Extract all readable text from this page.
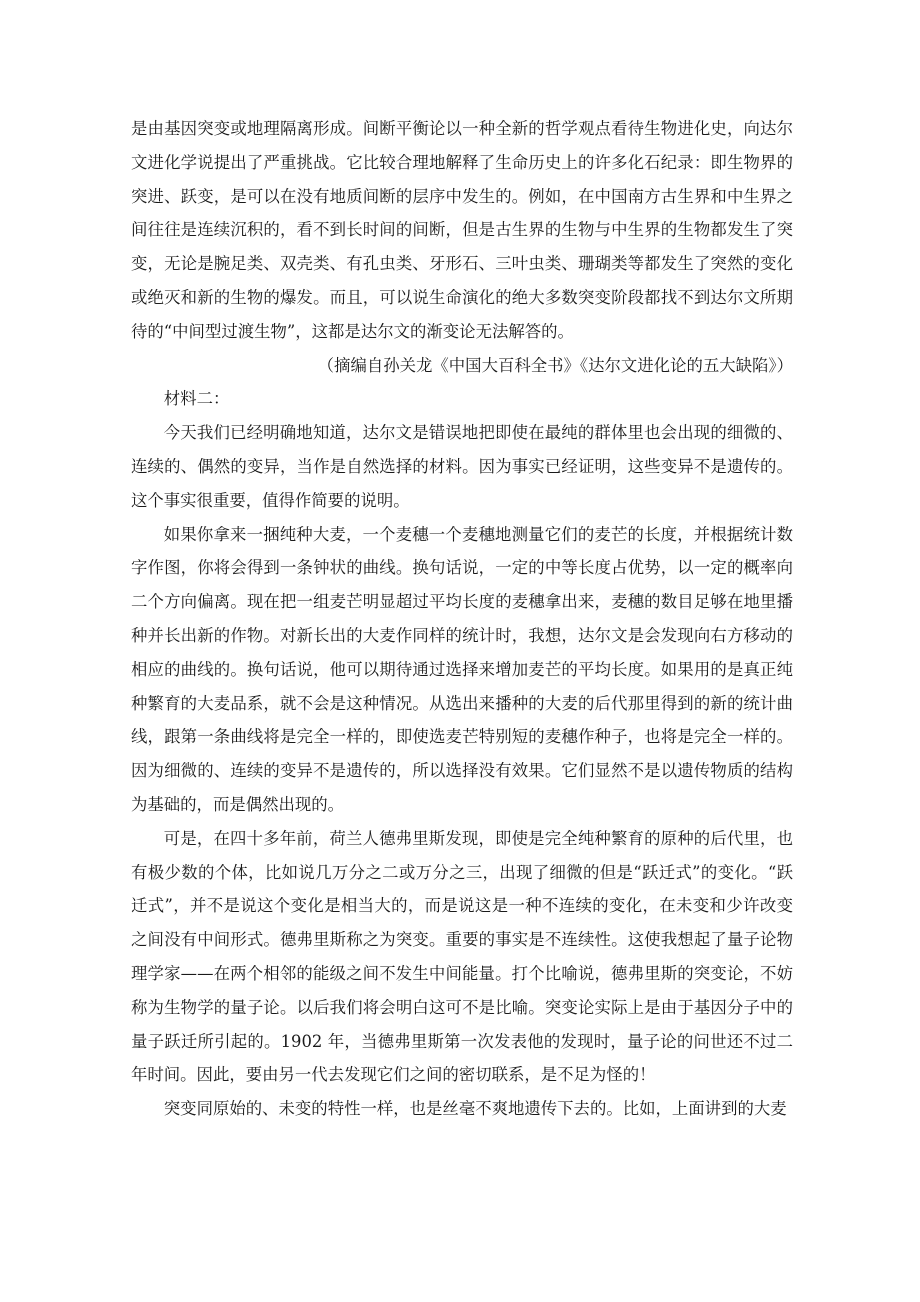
是由基因突变或地理隔离形成。间断平衡论以一种全新的哲学观点看待生物进化史，向达尔文进化学说提出了严重挑战。它比较合理地解释了生命历史上的许多化石纪录：即生物界的突进、跃变，是可以在没有地质间断的层序中发生的。例如，在中国南方古生界和中生界之间往往是连续沉积的，看不到长时间的间断，但是古生界的生物与中生界的生物都发生了突变，无论是腕足类、双壳类、有孔虫类、牙形石、三叶虫类、珊瑚类等都发生了突然的变化或绝灭和新的生物的爆发。而且，可以说生命演化的绝大多数突变阶段都找不到达尔文所期待的“中间型过渡生物”，这都是达尔文的渐变论无法解答的。

（摘编自孙关龙《中国大百科全书》《达尔文进化论的五大缺陷》）

材料二：

今天我们已经明确地知道，达尔文是错误地把即使在最纯的群体里也会出现的细微的、连续的、偶然的变异，当作是自然选择的材料。因为事实已经证明，这些变异不是遗传的。这个事实很重要，值得作简要的说明。

如果你拿来一捆纯种大麦，一个麦穗一个麦穗地测量它们的麦芒的长度，并根据统计数字作图，你将会得到一条钟状的曲线。换句话说，一定的中等长度占优势，以一定的概率向二个方向偏离。现在把一组麦芒明显超过平均长度的麦穗拿出来，麦穗的数目足够在地里播种并长出新的作物。对新长出的大麦作同样的统计时，我想，达尔文是会发现向右方移动的相应的曲线的。换句话说，他可以期待通过选择来增加麦芒的平均长度。如果用的是真正纯种繁育的大麦品系，就不会是这种情况。从选出来播种的大麦的后代那里得到的新的统计曲线，跟第一条曲线将是完全一样的，即使选麦芒特别短的麦穗作种子，也将是完全一样的。因为细微的、连续的变异不是遗传的，所以选择没有效果。它们显然不是以遗传物质的结构为基础的，而是偶然出现的。

可是，在四十多年前，荷兰人德弗里斯发现，即使是完全纯种繁育的原种的后代里，也有极少数的个体，比如说几万分之二或万分之三，出现了细微的但是“跃迁式”的变化。“跃迁式”，并不是说这个变化是相当大的，而是说这是一种不连续的变化，在未变和少许改变之间没有中间形式。德弗里斯称之为突变。重要的事实是不连续性。这使我想起了量子论物理学家——在两个相邻的能级之间不发生中间能量。打个比喻说，德弗里斯的突变论，不妨称为生物学的量子论。以后我们将会明白这可不是比喻。突变论实际上是由于基因分子中的量子跃迁所引起的。1902 年，当德弗里斯第一次发表他的发现时，量子论的问世还不过二年时间。因此，要由另一代去发现它们之间的密切联系，是不足为怪的！

突变同原始的、未变的特性一样，也是丝毫不爽地遗传下去的。比如，上面讲到的大麦
